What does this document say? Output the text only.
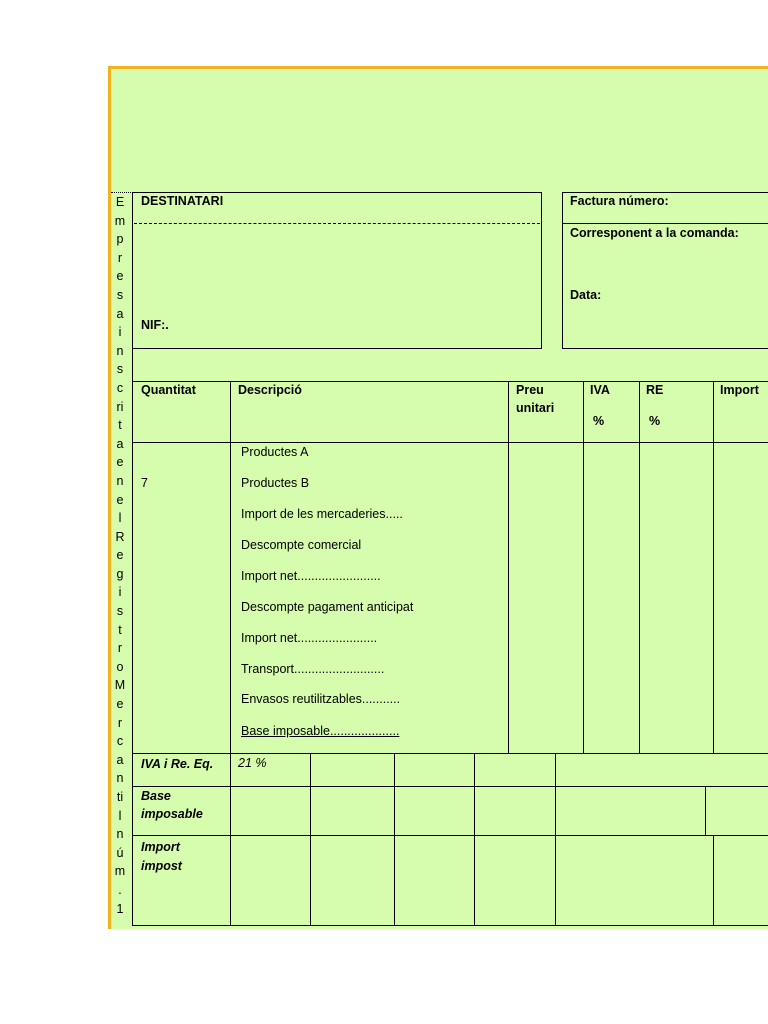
E
m
p
r
e
s
a
i
n
s
c
ri
t
a
e
n
e
l
R
e
g
i
s
t
r
o
M
e
r
c
a
n
ti
l
n
ú
m
.
1
DESTINATARI
NIF:.
Factura número:
Corresponent a la comanda:
Data:
Quantitat	Descripció	Preu
unitari
IVA
%
RE
%
Import
7
Productes A
Productes B
Import de les mercaderies.....
Descompte comercial
Import net........................
Descompte pagament anticipat
Import net.......................
Transport..........................
Envasos reutilitzables...........
Base imposable....................
IVA i Re. Eq. 21 %
Base
imposable
Import
impost
